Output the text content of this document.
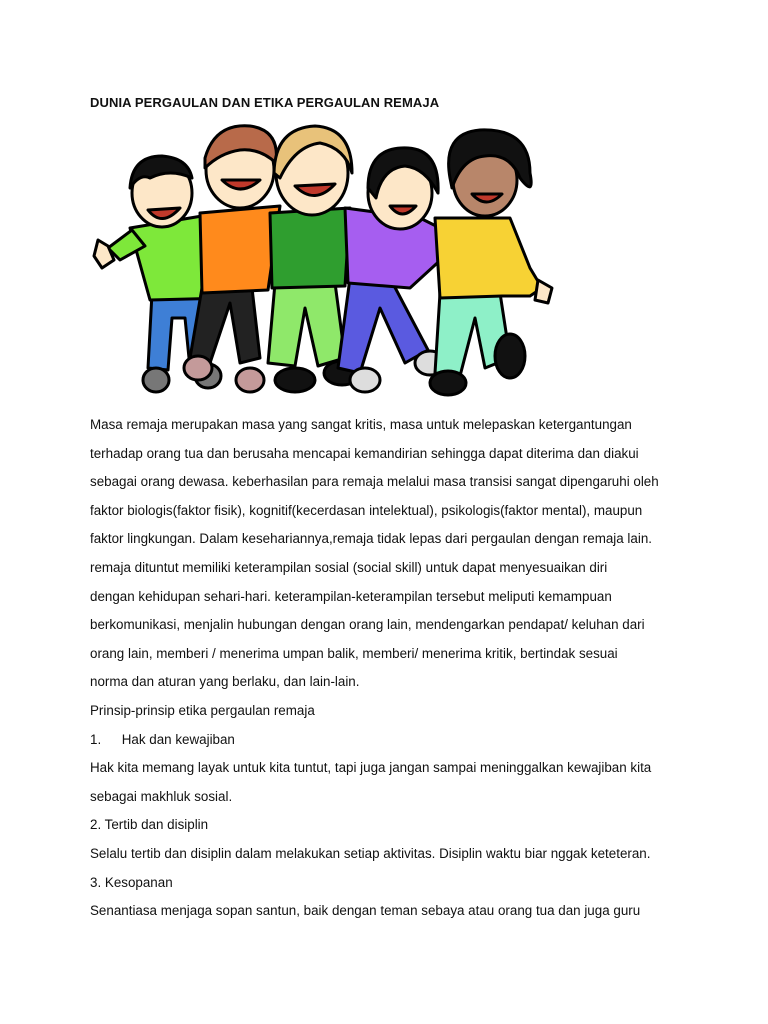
DUNIA PERGAULAN DAN ETIKA PERGAULAN REMAJA

Masa remaja merupakan masa yang sangat kritis, masa untuk melepaskan ketergantungan

terhadap orang tua dan berusaha mencapai kemandirian sehingga dapat diterima dan diakui

sebagai orang dewasa. keberhasilan para remaja melalui masa transisi sangat dipengaruhi oleh

faktor biologis(faktor fisik), kognitif(kecerdasan intelektual), psikologis(faktor mental), maupun

faktor lingkungan. Dalam kesehariannya,remaja tidak lepas dari pergaulan dengan remaja lain.

remaja dituntut memiliki keterampilan sosial (social skill) untuk dapat menyesuaikan diri

dengan kehidupan sehari-hari. keterampilan-keterampilan tersebut meliputi kemampuan

berkomunikasi, menjalin hubungan dengan orang lain, mendengarkan pendapat/ keluhan dari

orang lain, memberi / menerima umpan balik, memberi/ menerima kritik, bertindak sesuai

norma dan aturan yang berlaku, dan lain-lain.

Prinsip-prinsip etika pergaulan remaja

1. Hak dan kewajiban

Hak kita memang layak untuk kita tuntut, tapi juga jangan sampai meninggalkan kewajiban kita

sebagai makhluk sosial.

2. Tertib dan disiplin

Selalu tertib dan disiplin dalam melakukan setiap aktivitas. Disiplin waktu biar nggak keteteran.

3. Kesopanan

Senantiasa menjaga sopan santun, baik dengan teman sebaya atau orang tua dan juga guru
